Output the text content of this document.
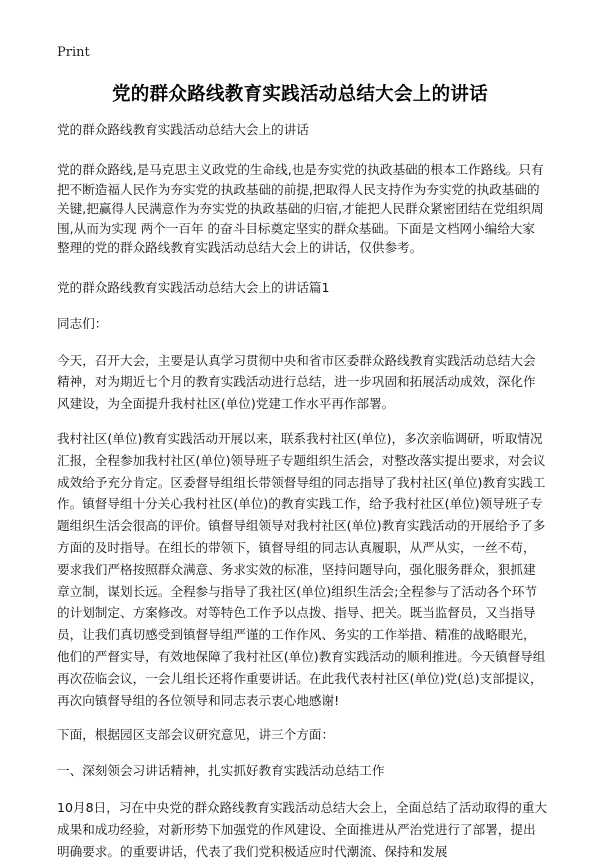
Print
党的群众路线教育实践活动总结大会上的讲话

党的群众路线教育实践活动总结大会上的讲话

党的群众路线,是马克思主义政党的生命线,也是夯实党的执政基础的根本工作路线。只有把不断造福人民作为夯实党的执政基础的前提,把取得人民支持作为夯实党的执政基础的关键,把赢得人民满意作为夯实党的执政基础的归宿,才能把人民群众紧密团结在党组织周围,从而为实现 两个一百年 的奋斗目标奠定坚实的群众基础。下面是文档网小编给大家整理的党的群众路线教育实践活动总结大会上的讲话，仅供参考。

党的群众路线教育实践活动总结大会上的讲话篇1

同志们：

今天，召开大会，主要是认真学习贯彻中央和省市区委群众路线教育实践活动总结大会精神，对为期近七个月的教育实践活动进行总结，进一步巩固和拓展活动成效，深化作风建设，为全面提升我村社区(单位)党建工作水平再作部署。

我村社区(单位)教育实践活动开展以来，联系我村社区(单位)，多次亲临调研，听取情况汇报，全程参加我村社区(单位)领导班子专题组织生活会，对整改落实提出要求，对会议成效给予充分肯定。区委督导组组长带领督导组的同志指导了我村社区(单位)教育实践工作。镇督导组十分关心我村社区(单位)的教育实践工作，给予我村社区(单位)领导班子专题组织生活会很高的评价。镇督导组领导对我村社区(单位)教育实践活动的开展给予了多方面的及时指导。在组长的带领下，镇督导组的同志认真履职，从严从实，一丝不苟，要求我们严格按照群众满意、务求实效的标准，坚持问题导向，强化服务群众，狠抓建章立制，谋划长远。全程参与指导了我社区(单位)组织生活会;全程参与了活动各个环节的计划制定、方案修改。对等特色工作予以点拨、指导、把关。既当监督员，又当指导员，让我们真切感受到镇督导组严谨的工作作风、务实的工作举措、精准的战略眼光，他们的严督实导，有效地保障了我村社区(单位)教育实践活动的顺利推进。今天镇督导组再次莅临会议，一会儿组长还将作重要讲话。在此我代表村社区(单位)党(总)支部提议，再次向镇督导组的各位领导和同志表示衷心地感谢!

下面，根据园区支部会议研究意见，讲三个方面：

一、深刻领会习讲话精神，扎实抓好教育实践活动总结工作

10月8日，习在中央党的群众路线教育实践活动总结大会上，全面总结了活动取得的重大成果和成功经验，对新形势下加强党的作风建设、全面推进从严治党进行了部署，提出明确要求。的重要讲话，代表了我们党积极适应时代潮流、保持和发展
